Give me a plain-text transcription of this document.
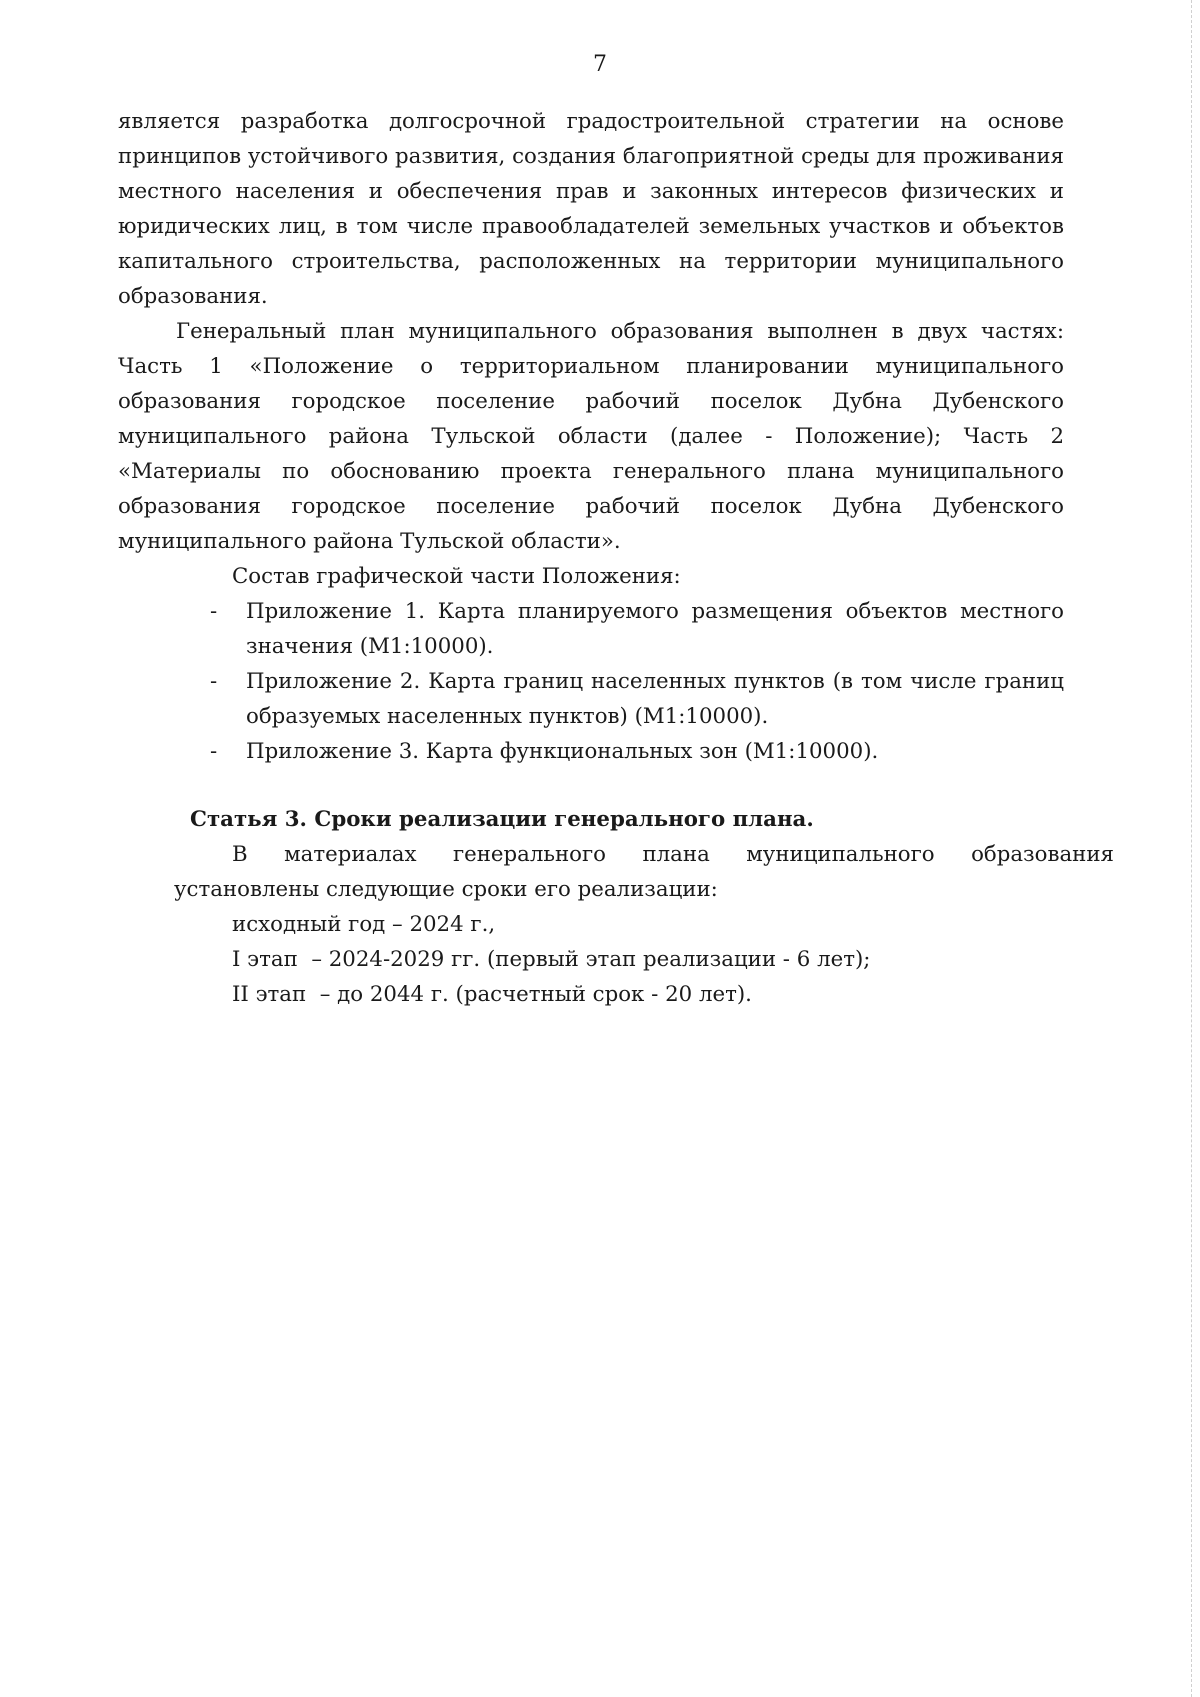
7

является разработка долгосрочной градостроительной стратегии на основе принципов устойчивого развития, создания благоприятной среды для проживания местного населения и обеспечения прав и законных интересов физических и юридических лиц, в том числе правообладателей земельных участков и объектов капитального строительства, расположенных на территории муниципального образования.

Генеральный план муниципального образования выполнен в двух частях: Часть 1 «Положение о территориальном планировании муниципального образования городское поселение рабочий поселок Дубна Дубенского муниципального района Тульской области (далее - Положение); Часть 2 «Материалы по обоснованию проекта генерального плана муниципального образования городское поселение рабочий поселок Дубна Дубенского муниципального района Тульской области».

Состав графической части Положения:
- Приложение 1. Карта планируемого размещения объектов местного значения (М1:10000).
- Приложение 2. Карта границ населенных пунктов (в том числе границ образуемых населенных пунктов) (М1:10000).
- Приложение 3. Карта функциональных зон (М1:10000).
Статья 3. Сроки реализации генерального плана.

В материалах генерального плана муниципального образования установлены следующие сроки его реализации:

исходный год – 2024 г.,
I этап  – 2024-2029 гг. (первый этап реализации - 6 лет);
II этап  – до 2044 г. (расчетный срок - 20 лет).
